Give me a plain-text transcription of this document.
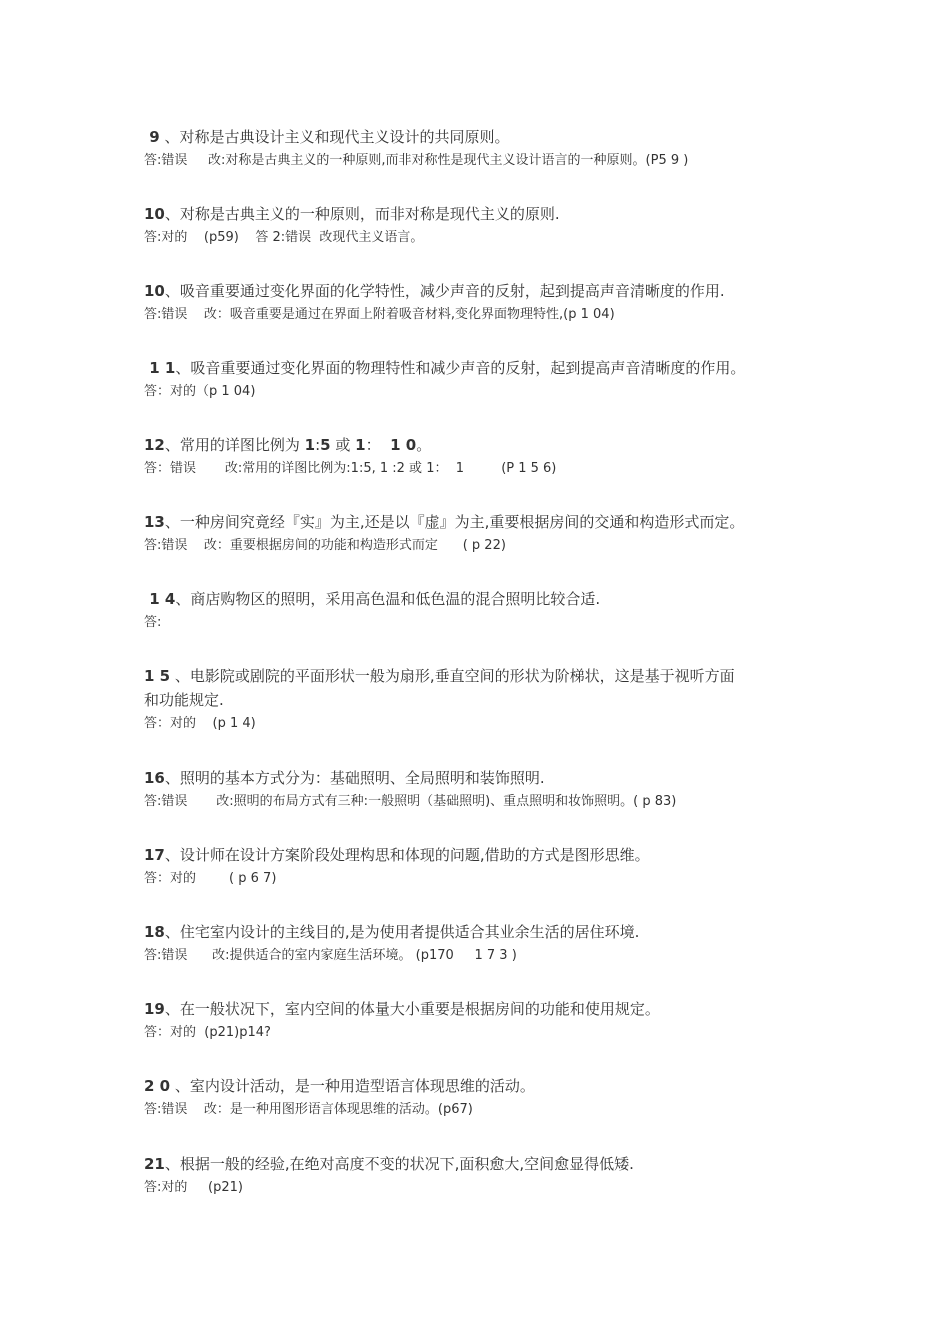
9 、对称是古典设计主义和现代主义设计的共同原则。

答:错误     改:对称是古典主义的一种原则,而非对称性是现代主义设计语言的一种原则。(P5 9 )

10、对称是古典主义的一种原则，而非对称是现代主义的原则.

答:对的    (p59)    答 2:错误  改现代主义语言。

10、吸音重要通过变化界面的化学特性，减少声音的反射，起到提高声音清晰度的作用.

答:错误    改：吸音重要是通过在界面上附着吸音材料,变化界面物理特性,(p 1 04)

1 1、吸音重要通过变化界面的物理特性和减少声音的反射，起到提高声音清晰度的作用。

答：对的（p 1 04)

12、常用的详图比例为 1:5 或 1：  1 0。

答：错误       改:常用的详图比例为:1:5, 1 :2 或 1：  1         (P 1 5 6)

13、一种房间究竟经『实』为主,还是以『虚』为主,重要根据房间的交通和构造形式而定。

答:错误    改：重要根据房间的功能和构造形式而定      ( p 22)

1 4、商店购物区的照明，采用高色温和低色温的混合照明比较合适.

答:

1 5 、电影院或剧院的平面形状一般为扇形,垂直空间的形状为阶梯状，这是基于视听方面
和功能规定.

答：对的    (p 1 4)

16、照明的基本方式分为：基础照明、全局照明和装饰照明.

答:错误       改:照明的布局方式有三种:一般照明（基础照明)、重点照明和妆饰照明。( p 83)

17、设计师在设计方案阶段处理构思和体现的问题,借助的方式是图形思维。

答：对的        ( p 6 7)

18、住宅室内设计的主线目的,是为使用者提供适合其业余生活的居住环境.

答:错误      改:提供适合的室内家庭生活环境。 (p170     1 7 3 )

19、在一般状况下，室内空间的体量大小重要是根据房间的功能和使用规定。

答：对的  (p21)p14?

2 0 、室内设计活动，是一种用造型语言体现思维的活动。

答:错误    改：是一种用图形语言体现思维的活动。(p67)

21、根据一般的经验,在绝对高度不变的状况下,面积愈大,空间愈显得低矮.

答:对的     (p21)
